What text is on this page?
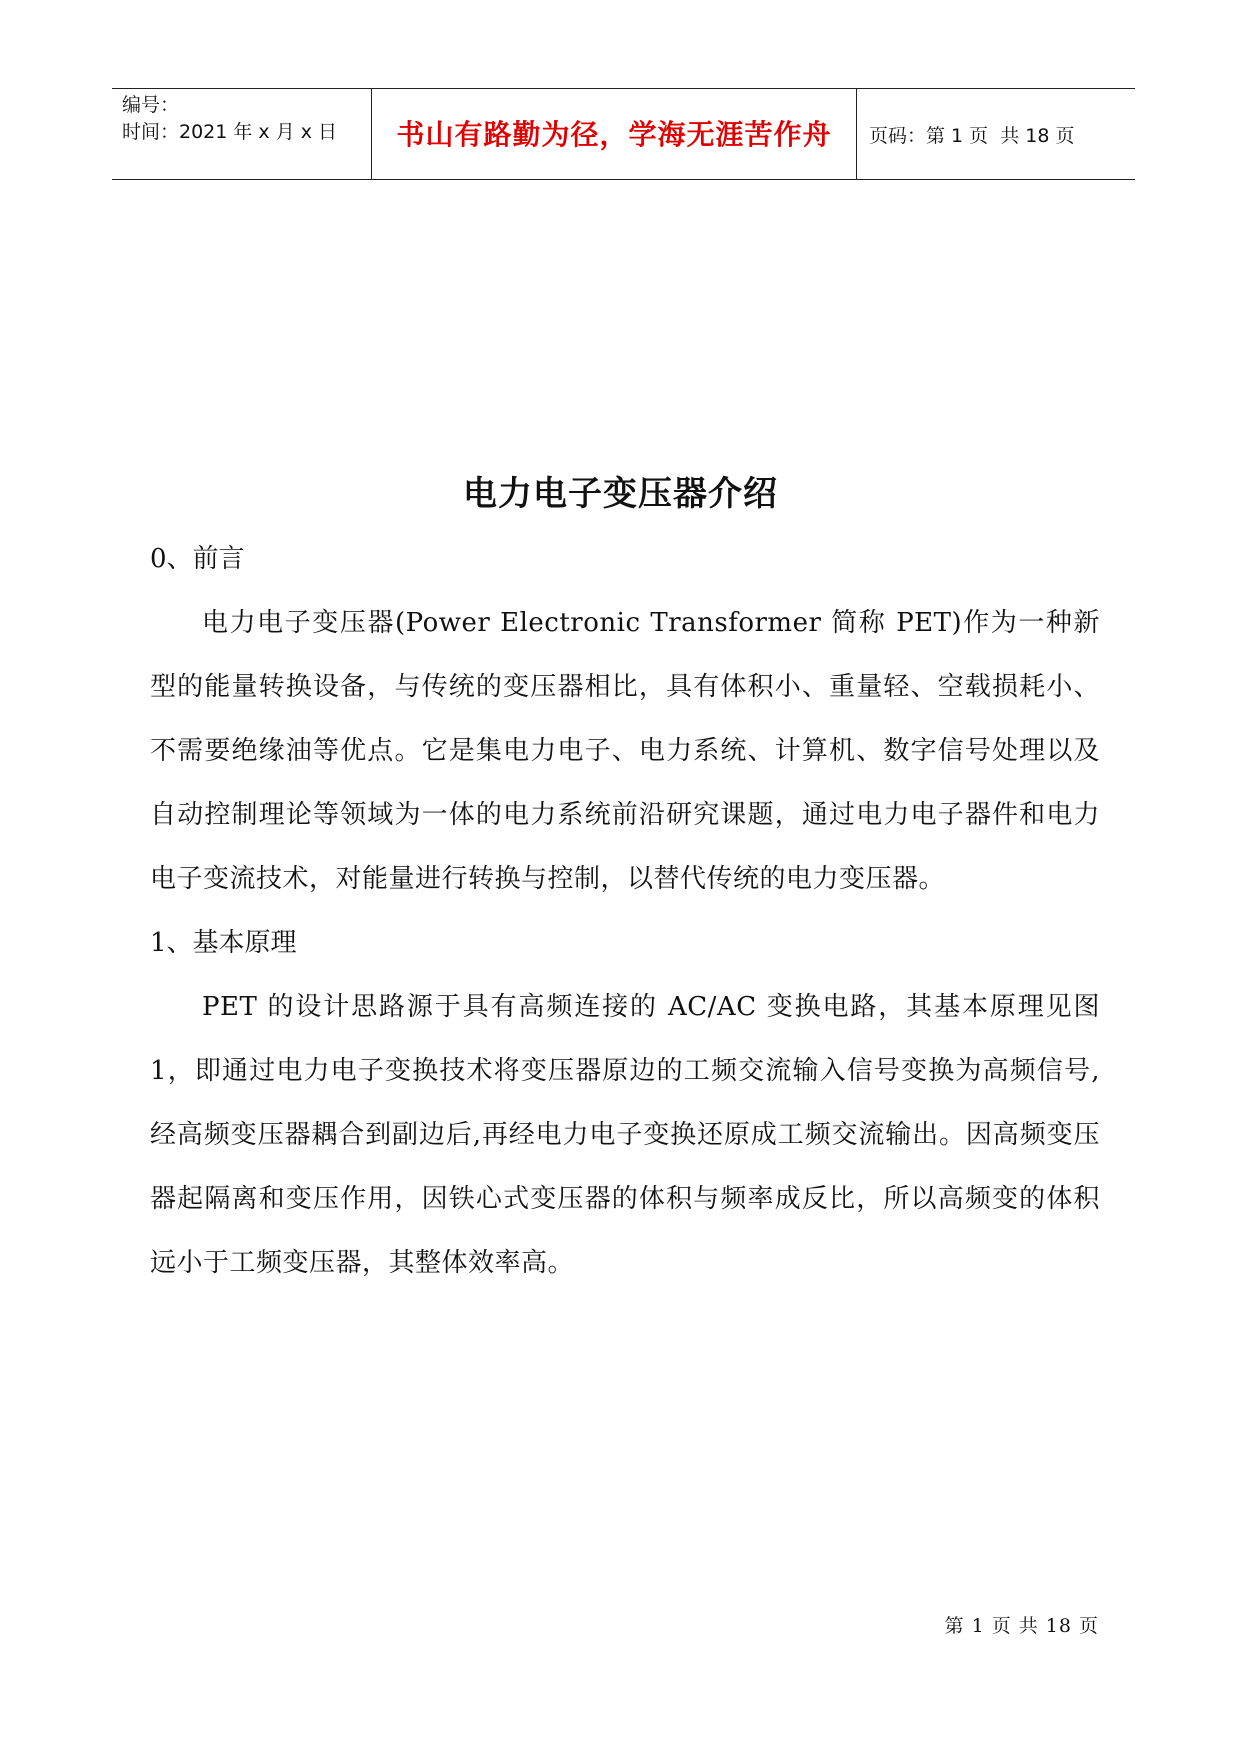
编号：
时间：2021 年 x 月 x 日	书山有路勤为径，学海无涯苦作舟 页码：第 1 页  共 18 页
电力电子变压器介绍

0、前言

电力电子变压器(Power Electronic Transformer 简称 PET)作为一种新型的能量转换设备，与传统的变压器相比，具有体积小、重量轻、空载损耗小、不需要绝缘油等优点。它是集电力电子、电力系统、计算机、数字信号处理以及自动控制理论等领域为一体的电力系统前沿研究课题，通过电力电子器件和电力电子变流技术，对能量进行转换与控制，以替代传统的电力变压器。

1、基本原理

PET 的设计思路源于具有高频连接的 AC/AC 变换电路，其基本原理见图 1，即通过电力电子变换技术将变压器原边的工频交流输入信号变换为高频信号,经高频变压器耦合到副边后,再经电力电子变换还原成工频交流输出。因高频变压器起隔离和变压作用，因铁心式变压器的体积与频率成反比，所以高频变的体积远小于工频变压器，其整体效率高。

第 1 页 共 18 页
